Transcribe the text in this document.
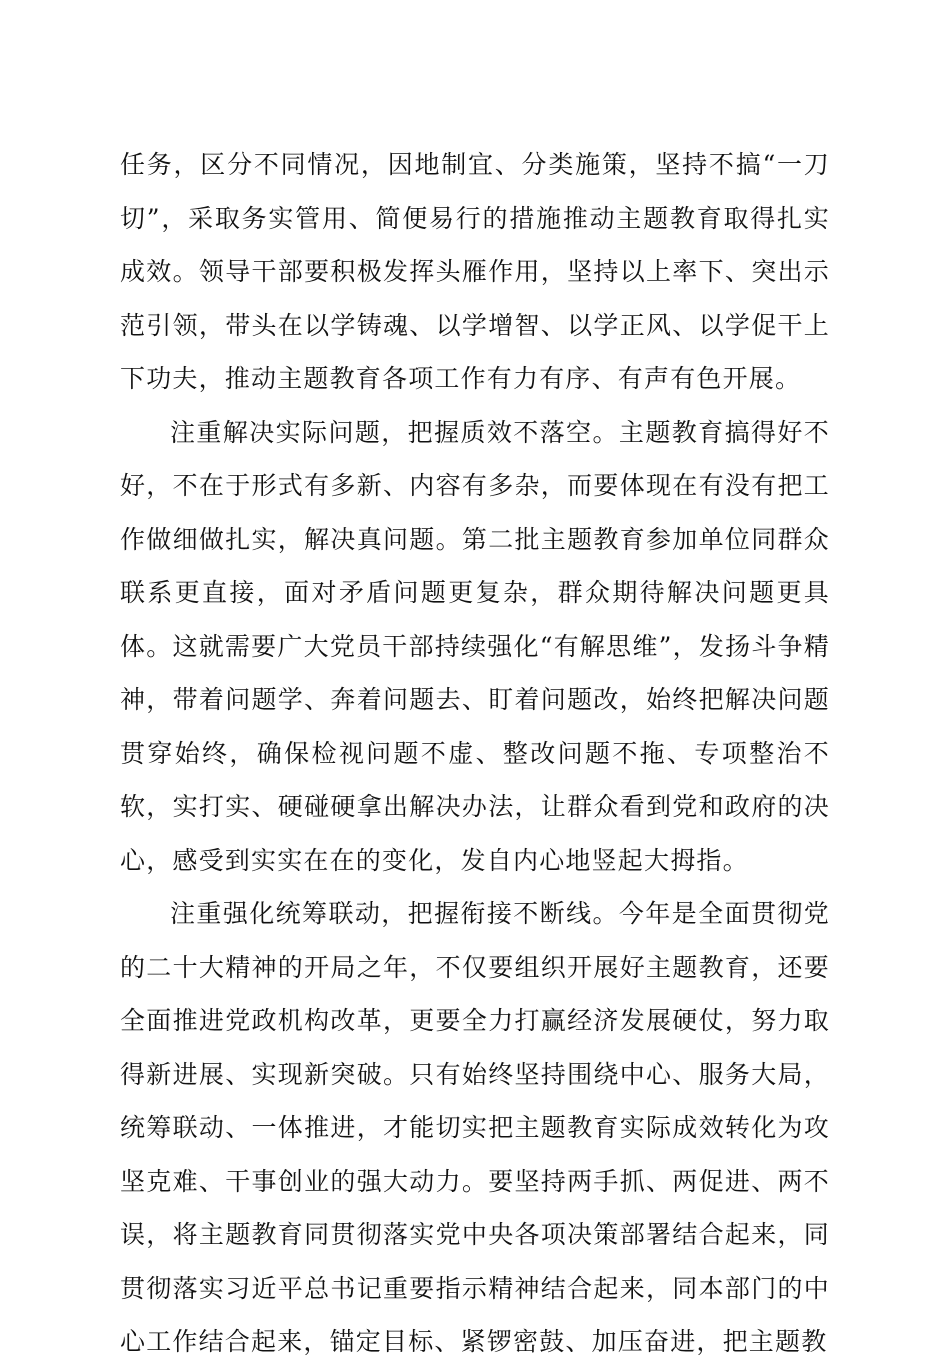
任务，区分不同情况，因地制宜、分类施策，坚持不搞“一刀切”，采取务实管用、简便易行的措施推动主题教育取得扎实成效。领导干部要积极发挥头雁作用，坚持以上率下、突出示范引领，带头在以学铸魂、以学增智、以学正风、以学促干上下功夫，推动主题教育各项工作有力有序、有声有色开展。

注重解决实际问题，把握质效不落空。主题教育搞得好不好，不在于形式有多新、内容有多杂，而要体现在有没有把工作做细做扎实，解决真问题。第二批主题教育参加单位同群众联系更直接，面对矛盾问题更复杂，群众期待解决问题更具体。这就需要广大党员干部持续强化“有解思维”，发扬斗争精神，带着问题学、奔着问题去、盯着问题改，始终把解决问题贯穿始终，确保检视问题不虚、整改问题不拖、专项整治不软，实打实、硬碰硬拿出解决办法，让群众看到党和政府的决心，感受到实实在在的变化，发自内心地竖起大拇指。

注重强化统筹联动，把握衔接不断线。今年是全面贯彻党的二十大精神的开局之年，不仅要组织开展好主题教育，还要全面推进党政机构改革，更要全力打赢经济发展硬仗，努力取得新进展、实现新突破。只有始终坚持围绕中心、服务大局，统筹联动、一体推进，才能切实把主题教育实际成效转化为攻坚克难、干事创业的强大动力。要坚持两手抓、两促进、两不误，将主题教育同贯彻落实党中央各项决策部署结合起来，同贯彻落实习近平总书记重要指示精神结合起来，同本部门的中心工作结合起来，锚定目标、紧锣密鼓、加压奋进，把主题教
